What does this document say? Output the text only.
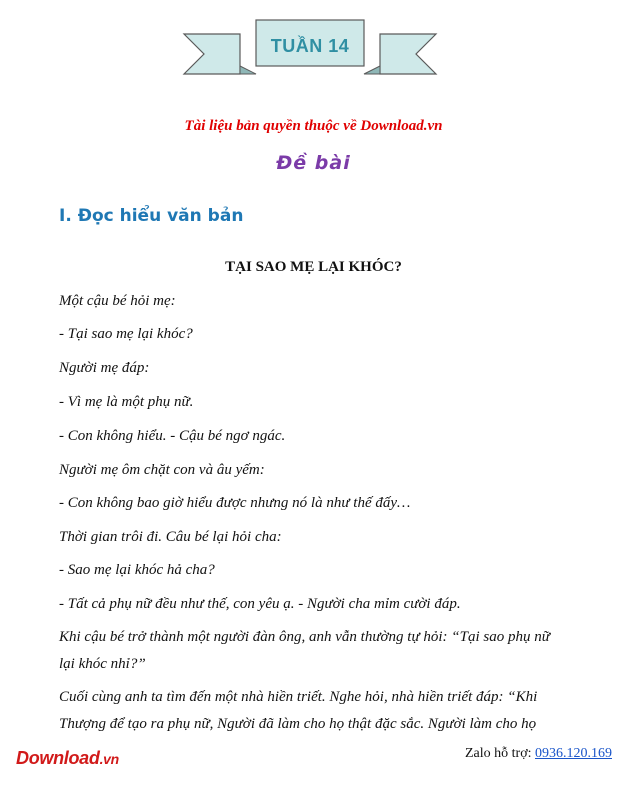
TUẦN 14
Tài liệu bản quyền thuộc về Download.vn
Đề bài
I. Đọc hiểu văn bản
TẠI SAO MẸ LẠI KHÓC?
Một cậu bé hỏi mẹ:
- Tại sao mẹ lại khóc?
Người mẹ đáp:
- Vì mẹ là một phụ nữ.
- Con không hiểu. - Cậu bé ngơ ngác.
Người mẹ ôm chặt con và âu yếm:
- Con không bao giờ hiểu được nhưng nó là như thế đấy…
Thời gian trôi đi. Câu bé lại hỏi cha:
- Sao mẹ lại khóc hả cha?
- Tất cả phụ nữ đều như thế, con yêu ạ. - Người cha mỉm cười đáp.
Khi cậu bé trở thành một người đàn ông, anh vẫn thường tự hỏi: “Tại sao phụ nữ
lại khóc nhỉ?”
Cuối cùng anh ta tìm đến một nhà hiền triết. Nghe hỏi, nhà hiền triết đáp: “Khi
Thượng để tạo ra phụ nữ, Người đã làm cho họ thật đặc sắc. Người làm cho họ
Download.vn	Zalo hỗ trợ: 0936.120.169
